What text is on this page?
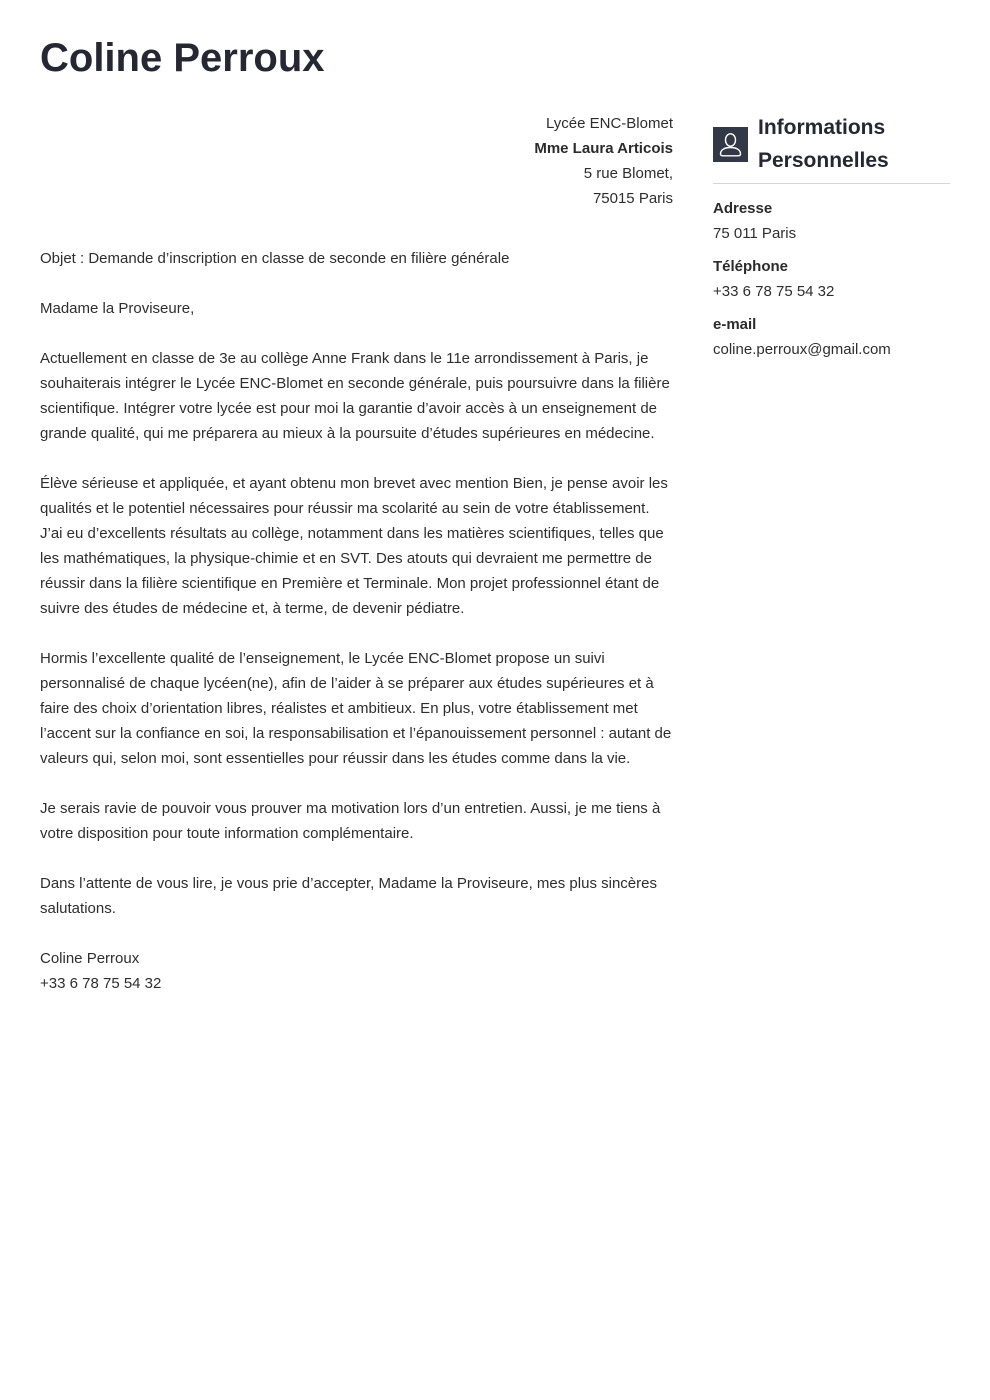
Coline Perroux
Lycée ENC-Blomet
Mme Laura Articois
5 rue Blomet,
75015 Paris

Objet : Demande d’inscription en classe de seconde en filière générale

Madame la Proviseure,

Actuellement en classe de 3e au collège Anne Frank dans le 11e arrondissement à Paris, je souhaiterais intégrer le Lycée ENC-Blomet en seconde générale, puis poursuivre dans la filière scientifique. Intégrer votre lycée est pour moi la garantie d’avoir accès à un enseignement de grande qualité, qui me préparera au mieux à la poursuite d’études supérieures en médecine.

Élève sérieuse et appliquée, et ayant obtenu mon brevet avec mention Bien, je pense avoir les qualités et le potentiel nécessaires pour réussir ma scolarité au sein de votre établissement. J’ai eu d’excellents résultats au collège, notamment dans les matières scientifiques, telles que les mathématiques, la physique-chimie et en SVT. Des atouts qui devraient me permettre de réussir dans la filière scientifique en Première et Terminale. Mon projet professionnel étant de suivre des études de médecine et, à terme, de devenir pédiatre.

Hormis l’excellente qualité de l’enseignement, le Lycée ENC-Blomet propose un suivi personnalisé de chaque lycéen(ne), afin de l’aider à se préparer aux études supérieures et à faire des choix d’orientation libres, réalistes et ambitieux. En plus, votre établissement met l’accent sur la confiance en soi, la responsabilisation et l’épanouissement personnel : autant de valeurs qui, selon moi, sont essentielles pour réussir dans les études comme dans la vie.

Je serais ravie de pouvoir vous prouver ma motivation lors d’un entretien. Aussi, je me tiens à votre disposition pour toute information complémentaire.

Dans l’attente de vous lire, je vous prie d’accepter, Madame la Proviseure, mes plus sincères salutations.

Coline Perroux
+33 6 78 75 54 32
Informations
Personnelles
Adresse
75 011 Paris
Téléphone
+33 6 78 75 54 32
e-mail
coline.perroux@gmail.com
